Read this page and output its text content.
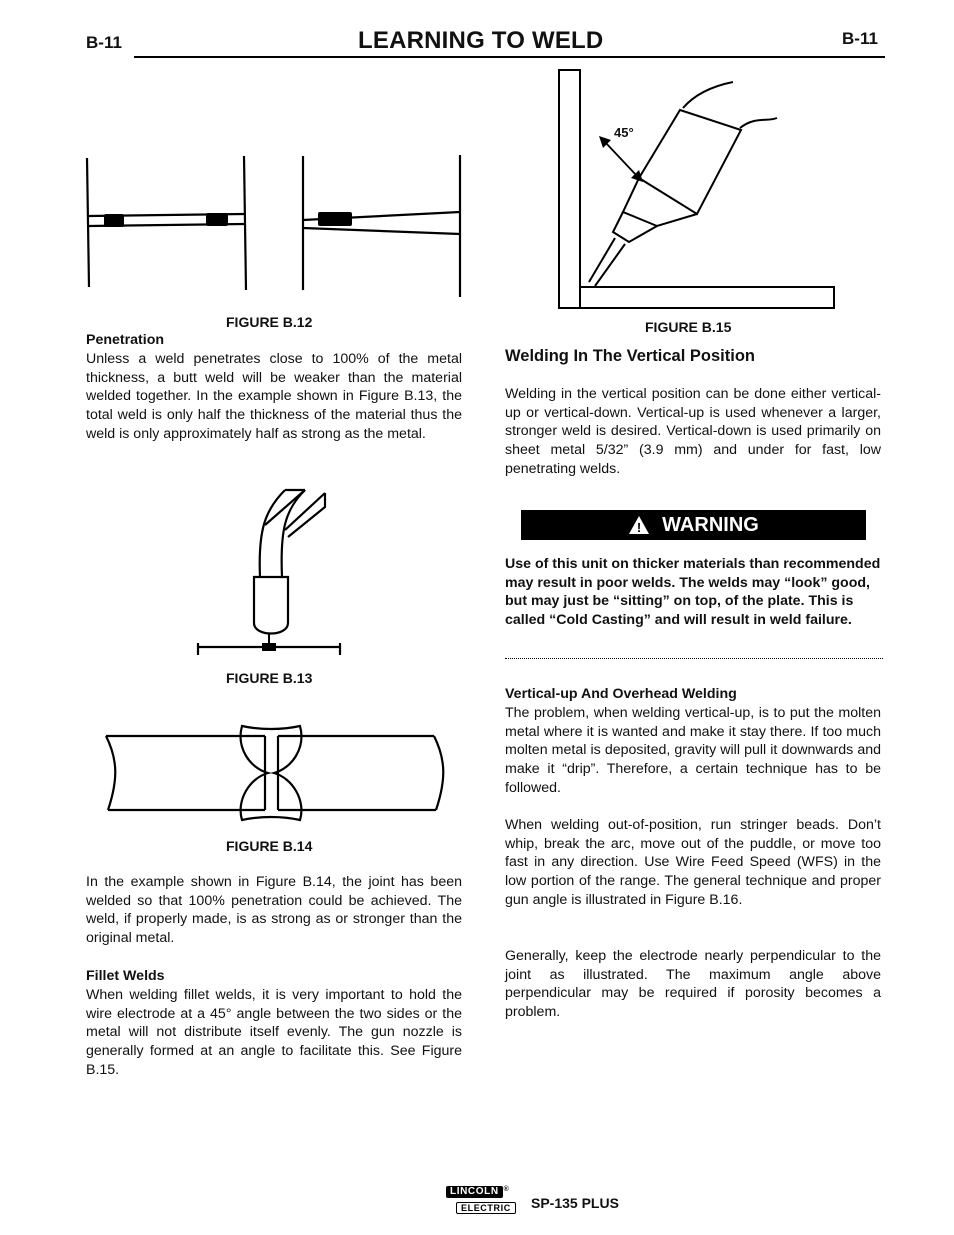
B-11	LEARNING TO WELD	B-11
FIGURE B.12
Penetration
Unless a weld penetrates close to 100% of the metal thickness, a butt weld will be weaker than the material welded together. In the example shown in Figure B.13, the total weld is only half the thickness of the material thus the weld is only approximately half as strong as the metal.
FIGURE B.13
FIGURE B.14
In the example shown in Figure B.14, the joint has been welded so that 100% penetration could be achieved. The weld, if properly made, is as strong as or stronger than the original metal.
Fillet Welds
When welding fillet welds, it is very important to hold the wire electrode at a 45° angle between the two sides or the metal will not distribute itself evenly. The gun nozzle is generally formed at an angle to facilitate this. See Figure B.15.
45°
FIGURE B.15
Welding In The Vertical Position
Welding in the vertical position can be done either vertical-up or vertical-down. Vertical-up is used whenever a larger, stronger weld is desired. Vertical-down is used primarily on sheet metal 5/32” (3.9 mm) and under for fast, low penetrating welds.
! WARNING
Use of this unit on thicker materials than recommended may result in poor welds. The welds may “look” good, but may just be “sitting” on top, of the plate. This is called “Cold Casting” and will result in weld failure.
Vertical-up And Overhead Welding
The problem, when welding vertical-up, is to put the molten metal where it is wanted and make it stay there. If too much molten metal is deposited, gravity will pull it downwards and make it “drip”. Therefore, a certain technique has to be followed.
When welding out-of-position, run stringer beads. Don’t whip, break the arc, move out of the puddle, or move too fast in any direction. Use Wire Feed Speed (WFS) in the low portion of the range. The general technique and proper gun angle is illustrated in Figure B.16.
Generally, keep the electrode nearly perpendicular to the joint as illustrated. The maximum angle above perpendicular may be required if porosity becomes a problem.
LINCOLN ®
ELECTRIC	SP-135 PLUS
